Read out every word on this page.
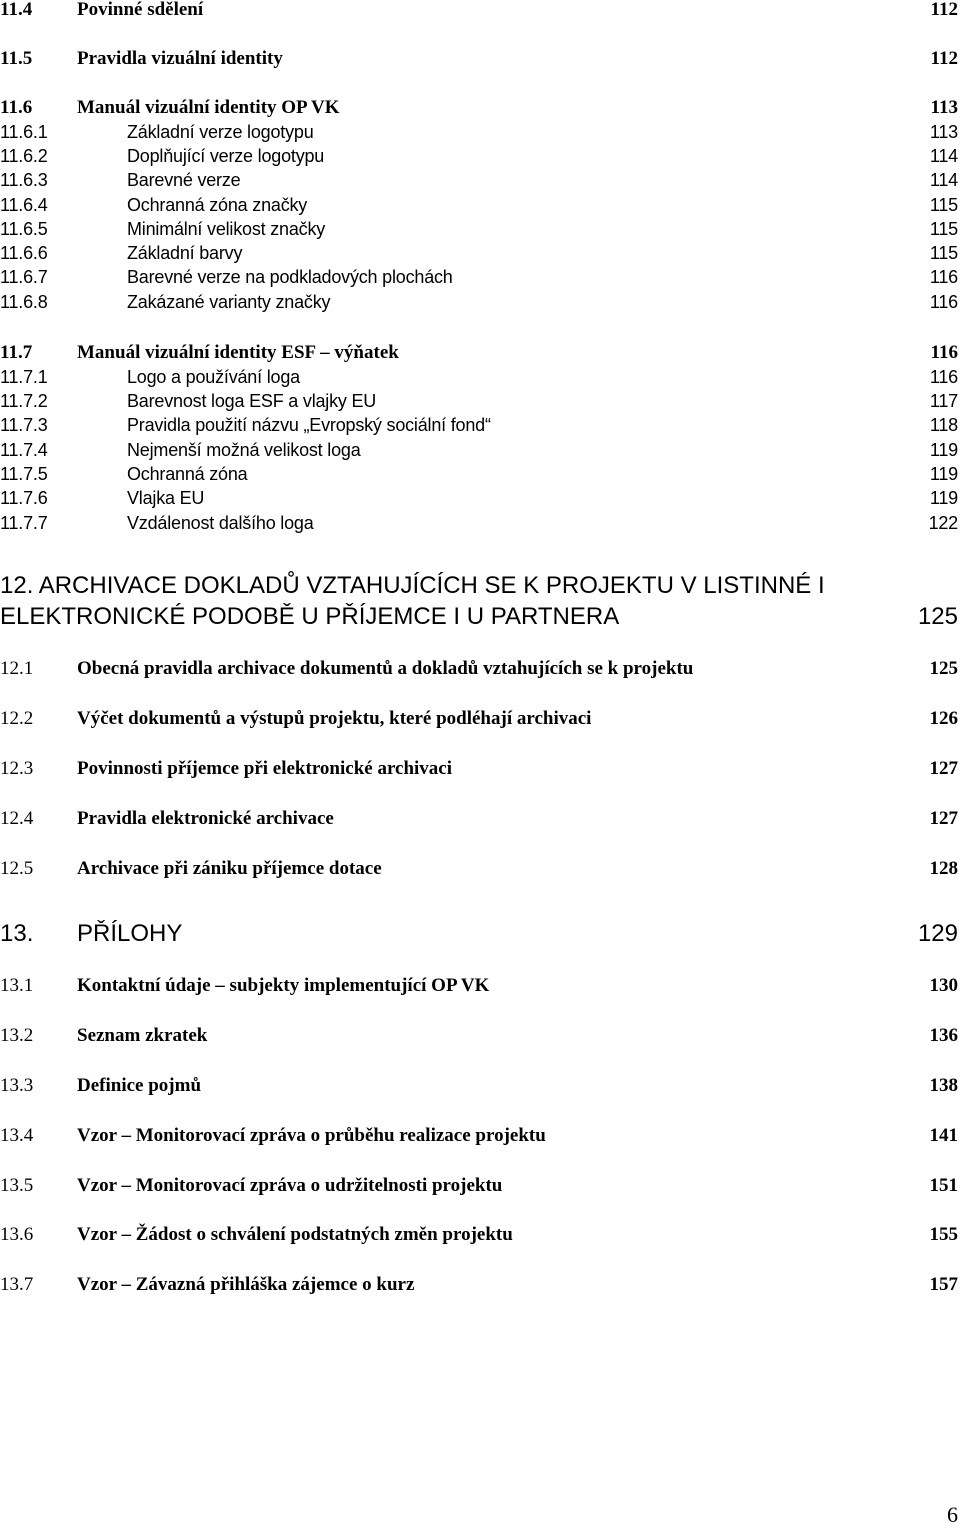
11.4 Povinné sdělení	112
11.5 Pravidla vizuální identity	112
11.6 Manuál vizuální identity OP VK	113
11.6.1	Základní verze logotypu	113
11.6.2	Doplňující verze logotypu	114
11.6.3	Barevné verze	114
11.6.4	Ochranná zóna značky	115
11.6.5	Minimální velikost značky	115
11.6.6	Základní barvy	115
11.6.7	Barevné verze na podkladových plochách	116
11.6.8	Zakázané varianty značky	116
11.7 Manuál vizuální identity ESF – výňatek	116
11.7.1	Logo a používání loga	116
11.7.2	Barevnost loga ESF a vlajky EU	117
11.7.3	Pravidla použití názvu „Evropský sociální fond“	118
11.7.4	Nejmenší možná velikost loga	119
11.7.5	Ochranná zóna	119
11.7.6	Vlajka EU	119
11.7.7	Vzdálenost dalšího loga	122
12. ARCHIVACE DOKLADŮ VZTAHUJÍCÍCH SE K PROJEKTU V LISTINNÉ I
ELEKTRONICKÉ PODOBĚ U PŘÍJEMCE I U PARTNERA	125
12.1 Obecná pravidla archivace dokumentů a dokladů vztahujících se k projektu	125
12.2 Výčet dokumentů a výstupů projektu, které podléhají archivaci	126
12.3 Povinnosti příjemce při elektronické archivaci	127
12.4 Pravidla elektronické archivace	127
12.5 Archivace při zániku příjemce dotace	128
13. PŘÍLOHY	129
13.1 Kontaktní údaje – subjekty implementující OP VK	130
13.2 Seznam zkratek	136
13.3 Definice pojmů	138
13.4 Vzor – Monitorovací zpráva o průběhu realizace projektu	141
13.5 Vzor – Monitorovací zpráva o udržitelnosti projektu	151
13.6 Vzor – Žádost o schválení podstatných změn projektu	155
13.7 Vzor – Závazná přihláška zájemce o kurz	157
6
